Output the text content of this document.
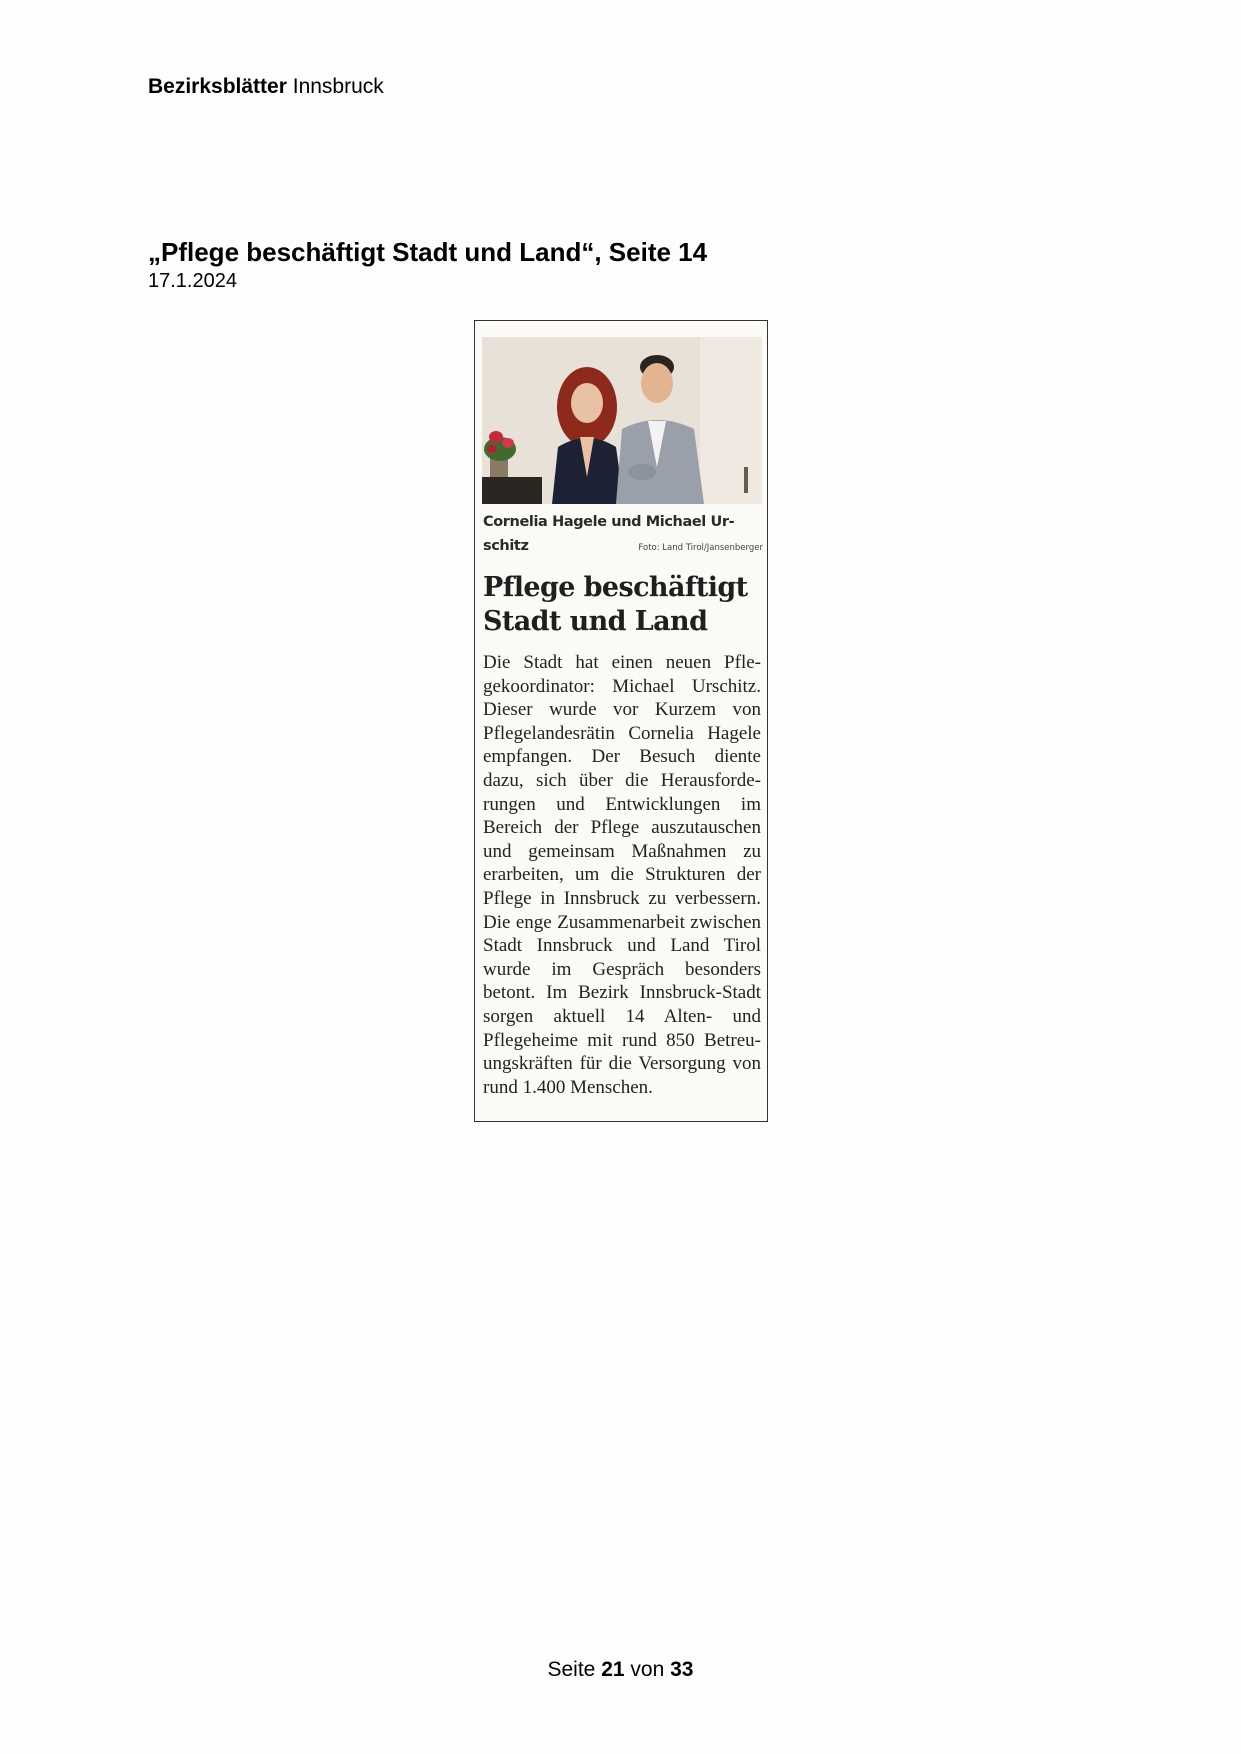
Bezirksblätter Innsbruck
„Pflege beschäftigt Stadt und Land“, Seite 14
17.1.2024
Cornelia Hagele und Michael Ur-
schitz	Foto: Land Tirol/Jansenberger
Pflege beschäftigt
Stadt und Land
Die Stadt hat einen neuen Pflegekoordinator: Michael Urschitz. Dieser wurde vor Kurzem von Pflegelandesrätin Cornelia Hagele empfangen. Der Besuch diente dazu, sich über die Herausforderungen und Entwicklungen im Bereich der Pflege auszutauschen und gemeinsam Maßnahmen zu erarbeiten, um die Strukturen der Pflege in Innsbruck zu verbessern. Die enge Zusammenarbeit zwischen Stadt Innsbruck und Land Tirol wurde im Gespräch besonders betont. Im Bezirk Innsbruck-Stadt sorgen aktuell 14 Alten- und Pflegeheime mit rund 850 Betreuungskräften für die Versorgung von rund 1.400 Menschen.
Seite 21 von 33
